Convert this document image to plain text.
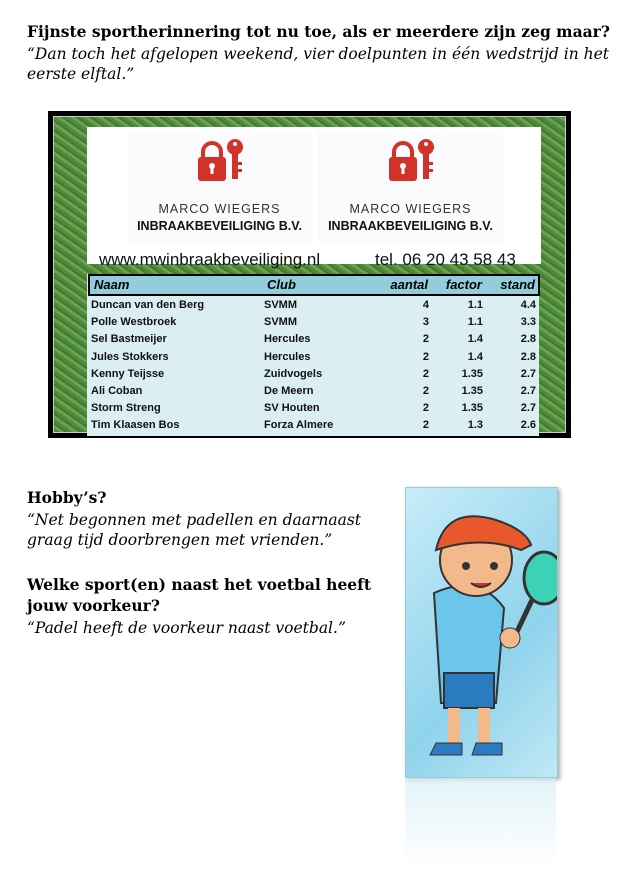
Fijnste sportherinnering tot nu toe, als er meerdere zijn zeg maar?
“Dan toch het afgelopen weekend, vier doelpunten in één wedstrijd in het
eerste elftal.”
MARCO WIEGERS
INBRAAKBEVEILIGING B.V.
MARCO WIEGERS
INBRAAKBEVEILIGING B.V.
www.mwinbraakbeveiliging.nl	tel. 06 20 43 58 43
Naam	Club	aantal factor stand
Duncan van den Berg	SVMM	4	1.1	4.4
Polle Westbroek	SVMM	3	1.1	3.3
Sel Bastmeijer	Hercules	2	1.4	2.8
Jules Stokkers	Hercules	2	1.4	2.8
Kenny Teijsse	Zuidvogels	2	1.35	2.7
Ali Coban	De Meern	2	1.35	2.7
Storm Streng	SV Houten	2	1.35	2.7
Tim Klaasen Bos	Forza Almere	2	1.3	2.6
Hobby’s?
“Net begonnen met padellen en daarnaast
graag tijd doorbrengen met vrienden.”
Welke sport(en) naast het voetbal heeft
jouw voorkeur?
“Padel heeft de voorkeur naast voetbal.”
